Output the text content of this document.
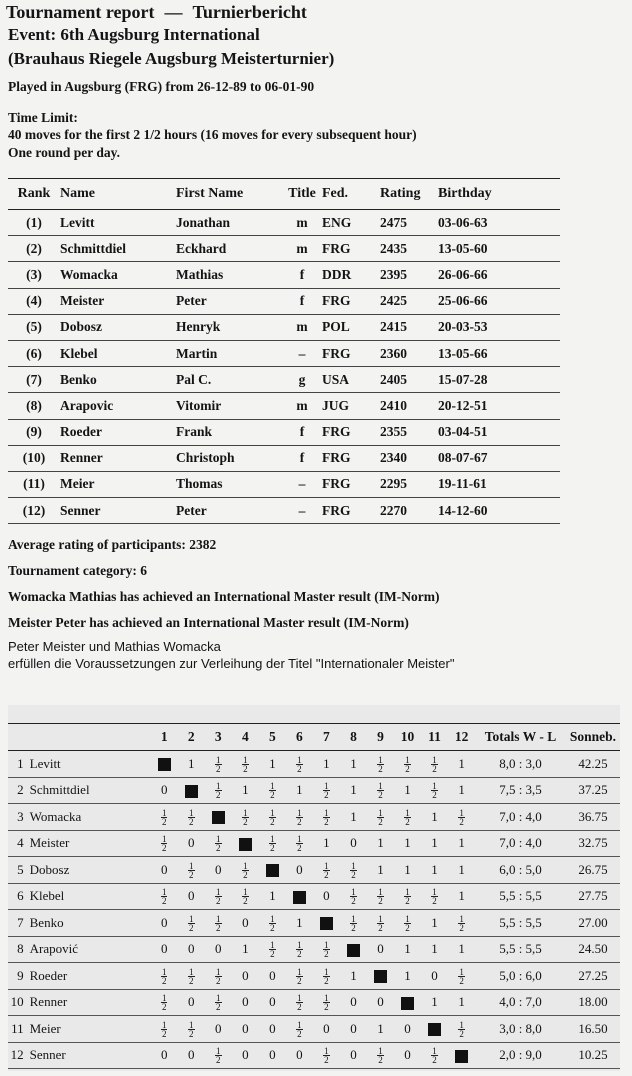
Tournament report — Turnierbericht
Event: 6th Augsburg International
(Brauhaus Riegele Augsburg Meisterturnier)
Played in Augsburg (FRG) from 26-12-89 to 06-01-90
Time Limit:
40 moves for the first 2 1/2 hours (16 moves for every subsequent hour)
One round per day.
Rank	Name	First Name	Title	Fed.	Rating	Birthday
(1)	Levitt	Jonathan	m	ENG	2475	03-06-63
(2)	Schmittdiel	Eckhard	m	FRG	2435	13-05-60
(3)	Womacka	Mathias	f	DDR	2395	26-06-66
(4)	Meister	Peter	f	FRG	2425	25-06-66
(5)	Dobosz	Henryk	m	POL	2415	20-03-53
(6)	Klebel	Martin	–	FRG	2360	13-05-66
(7)	Benko	Pal C.	g	USA	2405	15-07-28
(8)	Arapovic	Vitomir	m	JUG	2410	20-12-51
(9)	Roeder	Frank	f	FRG	2355	03-04-51
(10)	Renner	Christoph	f	FRG	2340	08-07-67
(11)	Meier	Thomas	–	FRG	2295	19-11-61
(12)	Senner	Peter	–	FRG	2270	14-12-60
Average rating of participants: 2382
Tournament category: 6
Womacka Mathias has achieved an International Master result (IM-Norm)
Meister Peter has achieved an International Master result (IM-Norm)
Peter Meister und Mathias Womacka
erfüllen die Voraussetzungen zur Verleihung der Titel "Internationaler Meister"
		1	2	3	4	5	6	7	8	9	10	11	12	Totals W - L	Sonneb.
1	Levitt		1	$\frac{1}{2}$	$\frac{1}{2}$	1	$\frac{1}{2}$	1	1	$\frac{1}{2}$	$\frac{1}{2}$	$\frac{1}{2}$	1	8,0 : 3,0	42.25
2	Schmittdiel	0		$\frac{1}{2}$	1	$\frac{1}{2}$	1	$\frac{1}{2}$	1	$\frac{1}{2}$	1	$\frac{1}{2}$	1	7,5 : 3,5	37.25
3	Womacka	$\frac{1}{2}$	$\frac{1}{2}$		$\frac{1}{2}$	$\frac{1}{2}$	$\frac{1}{2}$	$\frac{1}{2}$	1	$\frac{1}{2}$	$\frac{1}{2}$	1	$\frac{1}{2}$	7,0 : 4,0	36.75
4	Meister	$\frac{1}{2}$	0	$\frac{1}{2}$		$\frac{1}{2}$	$\frac{1}{2}$	1	0	1	1	1	1	7,0 : 4,0	32.75
5	Dobosz	0	$\frac{1}{2}$	0	$\frac{1}{2}$		0	$\frac{1}{2}$	$\frac{1}{2}$	1	1	1	1	6,0 : 5,0	26.75
6	Klebel	$\frac{1}{2}$	0	$\frac{1}{2}$	$\frac{1}{2}$	1		0	$\frac{1}{2}$	$\frac{1}{2}$	$\frac{1}{2}$	$\frac{1}{2}$	1	5,5 : 5,5	27.75
7	Benko	0	$\frac{1}{2}$	$\frac{1}{2}$	0	$\frac{1}{2}$	1		$\frac{1}{2}$	$\frac{1}{2}$	$\frac{1}{2}$	1	$\frac{1}{2}$	5,5 : 5,5	27.00
8	Arapović	0	0	0	1	$\frac{1}{2}$	$\frac{1}{2}$	$\frac{1}{2}$		0	1	1	1	5,5 : 5,5	24.50
9	Roeder	$\frac{1}{2}$	$\frac{1}{2}$	$\frac{1}{2}$	0	0	$\frac{1}{2}$	$\frac{1}{2}$	1		1	0	$\frac{1}{2}$	5,0 : 6,0	27.25
10	Renner	$\frac{1}{2}$	0	$\frac{1}{2}$	0	0	$\frac{1}{2}$	$\frac{1}{2}$	0	0		1	1	4,0 : 7,0	18.00
11	Meier	$\frac{1}{2}$	$\frac{1}{2}$	0	0	0	$\frac{1}{2}$	0	0	1	0		$\frac{1}{2}$	3,0 : 8,0	16.50
12	Senner	0	0	$\frac{1}{2}$	0	0	0	$\frac{1}{2}$	0	$\frac{1}{2}$	0	$\frac{1}{2}$		2,0 : 9,0	10.25
